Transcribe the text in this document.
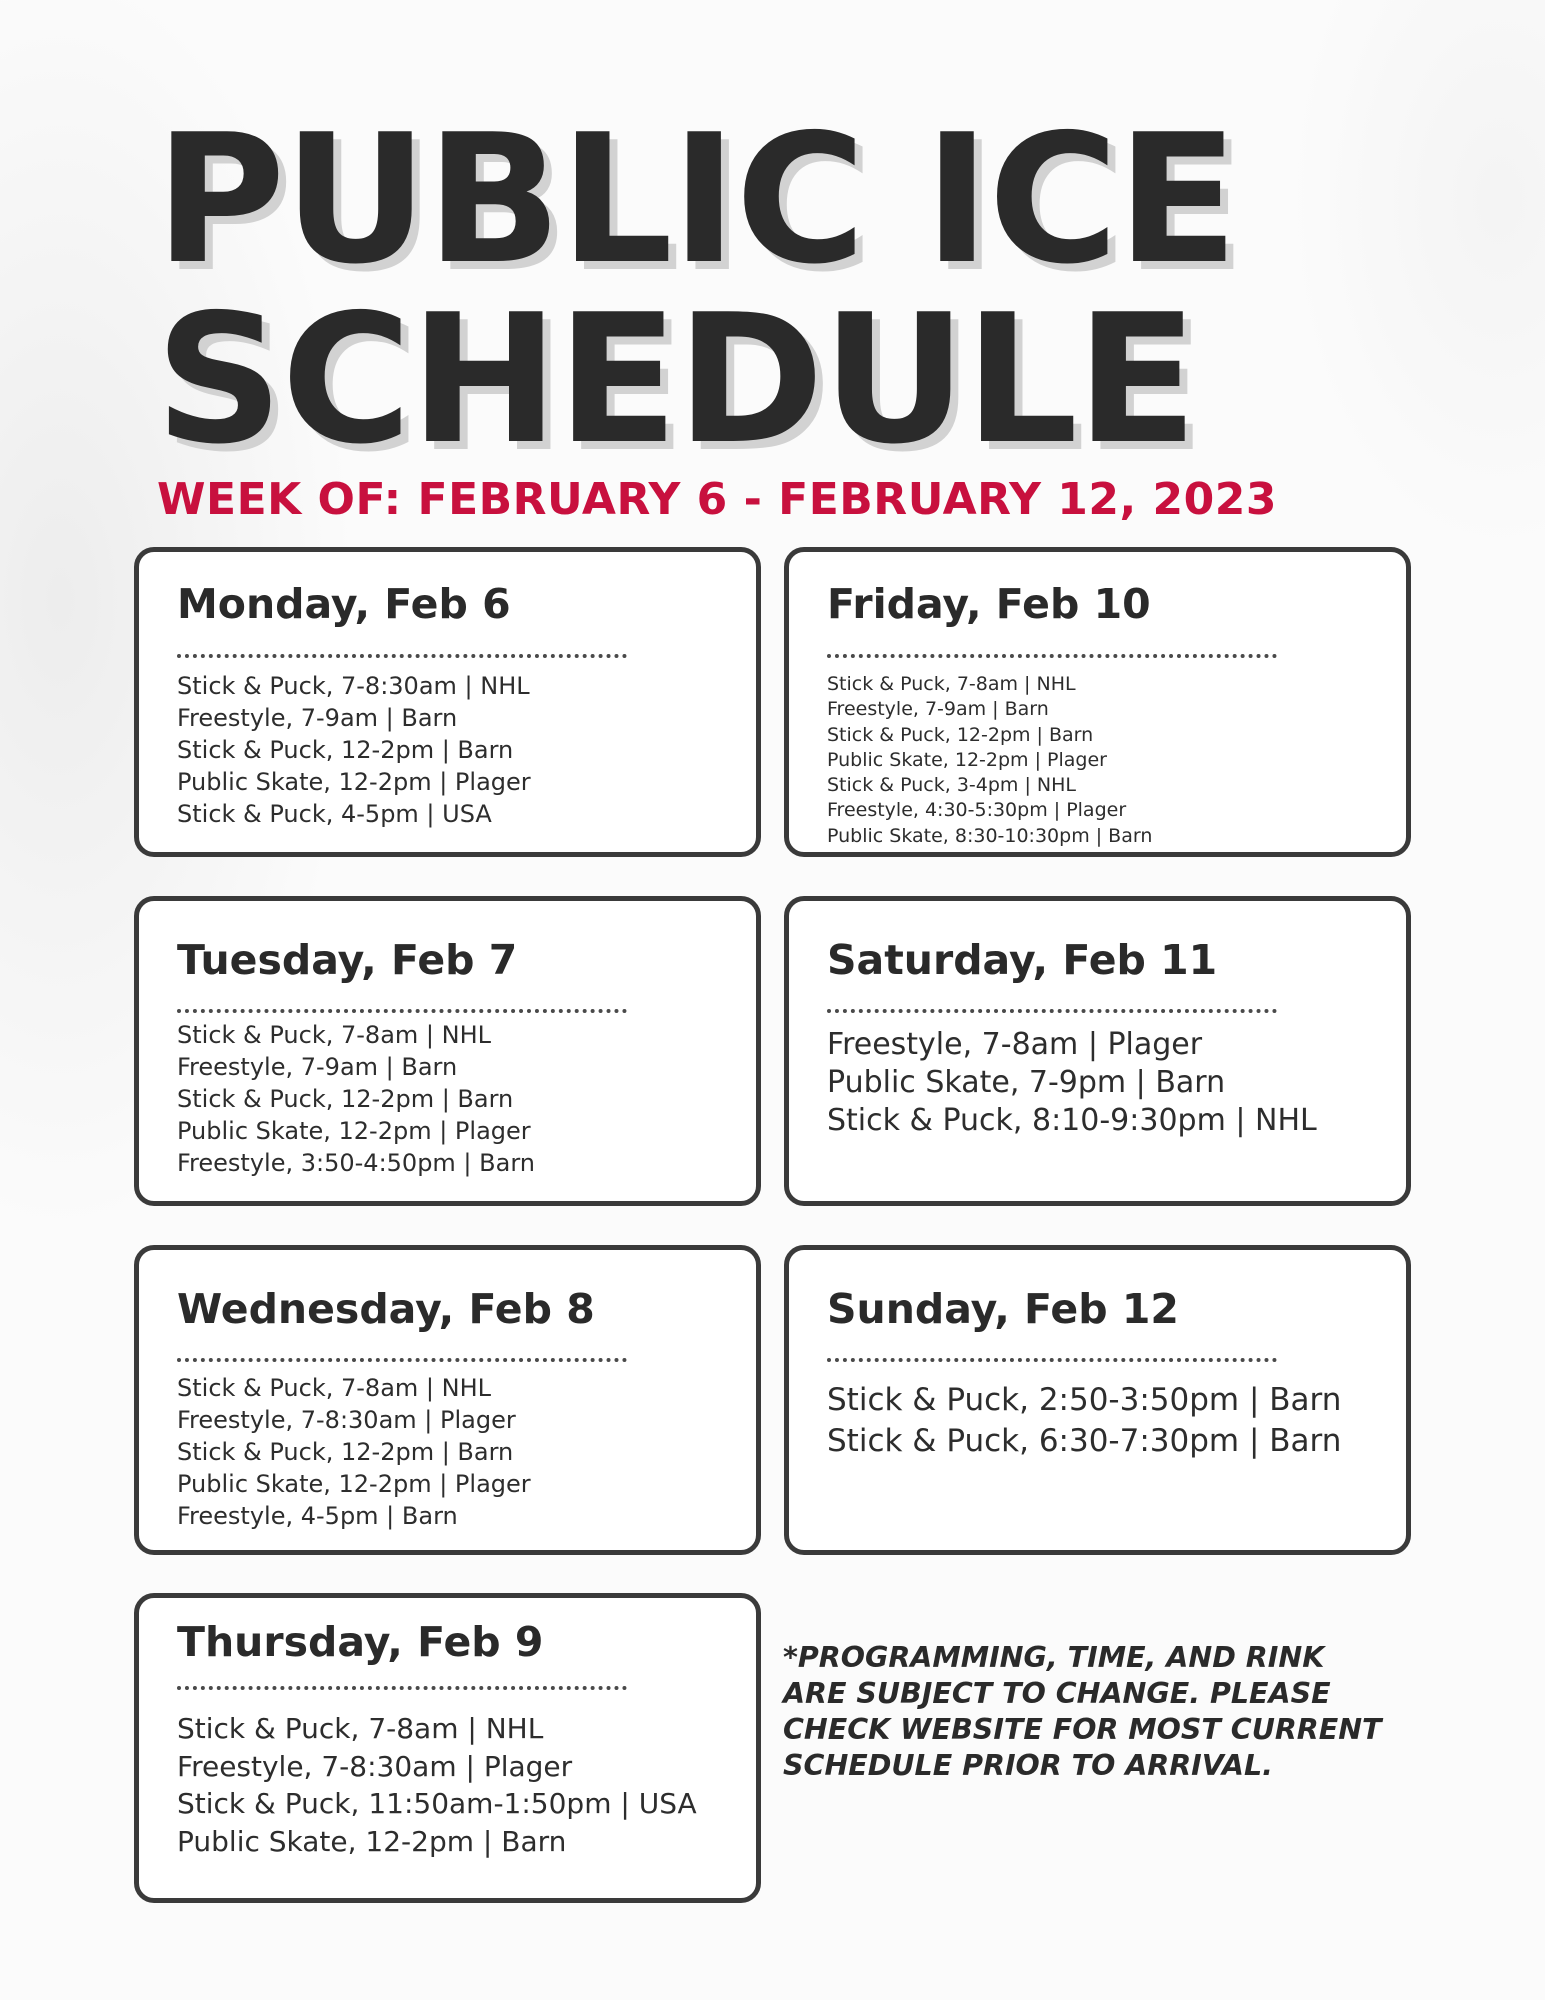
PUBLIC ICE
SCHEDULE
WEEK OF: FEBRUARY 6 - FEBRUARY 12, 2023
Monday, Feb 6
Stick & Puck, 7-8:30am | NHL
Freestyle, 7-9am | Barn
Stick & Puck, 12-2pm | Barn
Public Skate, 12-2pm | Plager
Stick & Puck, 4-5pm | USA
Friday, Feb 10
Stick & Puck, 7-8am | NHL
Freestyle, 7-9am | Barn
Stick & Puck, 12-2pm | Barn
Public Skate, 12-2pm | Plager
Stick & Puck, 3-4pm | NHL
Freestyle, 4:30-5:30pm | Plager
Public Skate, 8:30-10:30pm | Barn
Tuesday, Feb 7
Stick & Puck, 7-8am | NHL
Freestyle, 7-9am | Barn
Stick & Puck, 12-2pm | Barn
Public Skate, 12-2pm | Plager
Freestyle, 3:50-4:50pm | Barn
Saturday, Feb 11
Freestyle, 7-8am | Plager
Public Skate, 7-9pm | Barn
Stick & Puck, 8:10-9:30pm | NHL
Wednesday, Feb 8
Stick & Puck, 7-8am | NHL
Freestyle, 7-8:30am | Plager
Stick & Puck, 12-2pm | Barn
Public Skate, 12-2pm | Plager
Freestyle, 4-5pm | Barn
Sunday, Feb 12
Stick & Puck, 2:50-3:50pm | Barn
Stick & Puck, 6:30-7:30pm | Barn
Thursday, Feb 9
Stick & Puck, 7-8am | NHL
Freestyle, 7-8:30am | Plager
Stick & Puck, 11:50am-1:50pm | USA
Public Skate, 12-2pm | Barn

*PROGRAMMING, TIME, AND RINK
ARE SUBJECT TO CHANGE. PLEASE
CHECK WEBSITE FOR MOST CURRENT
SCHEDULE PRIOR TO ARRIVAL.
